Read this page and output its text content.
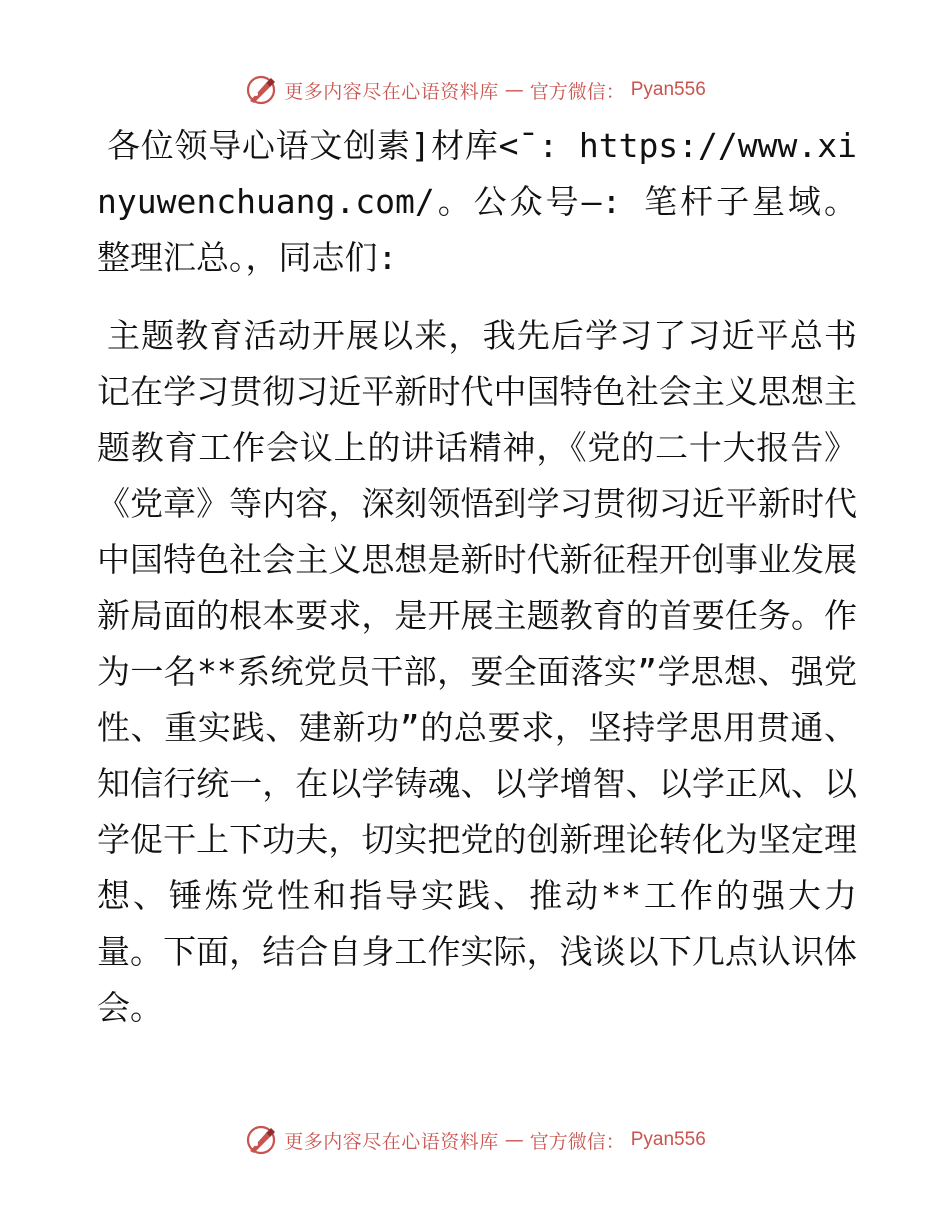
更多内容尽在心语资料库 — 官方微信： Pyan556

各位领导心语文创素]材库<¯: https://www.xinyuwenchuang.com/。公众号—: 笔杆子星域。整理汇总。，同志们:

主题教育活动开展以来，我先后学习了习近平总书记在学习贯彻习近平新时代中国特色社会主义思想主题教育工作会议上的讲话精神，《党的二十大报告》《党章》等内容，深刻领悟到学习贯彻习近平新时代中国特色社会主义思想是新时代新征程开创事业发展新局面的根本要求，是开展主题教育的首要任务。作为一名**系统党员干部，要全面落实”学思想、强党性、重实践、建新功”的总要求，坚持学思用贯通、知信行统一，在以学铸魂、以学增智、以学正风、以学促干上下功夫，切实把党的创新理论转化为坚定理想、锤炼党性和指导实践、推动**工作的强大力量。下面，结合自身工作实际，浅谈以下几点认识体会。

更多内容尽在心语资料库 — 官方微信： Pyan556
